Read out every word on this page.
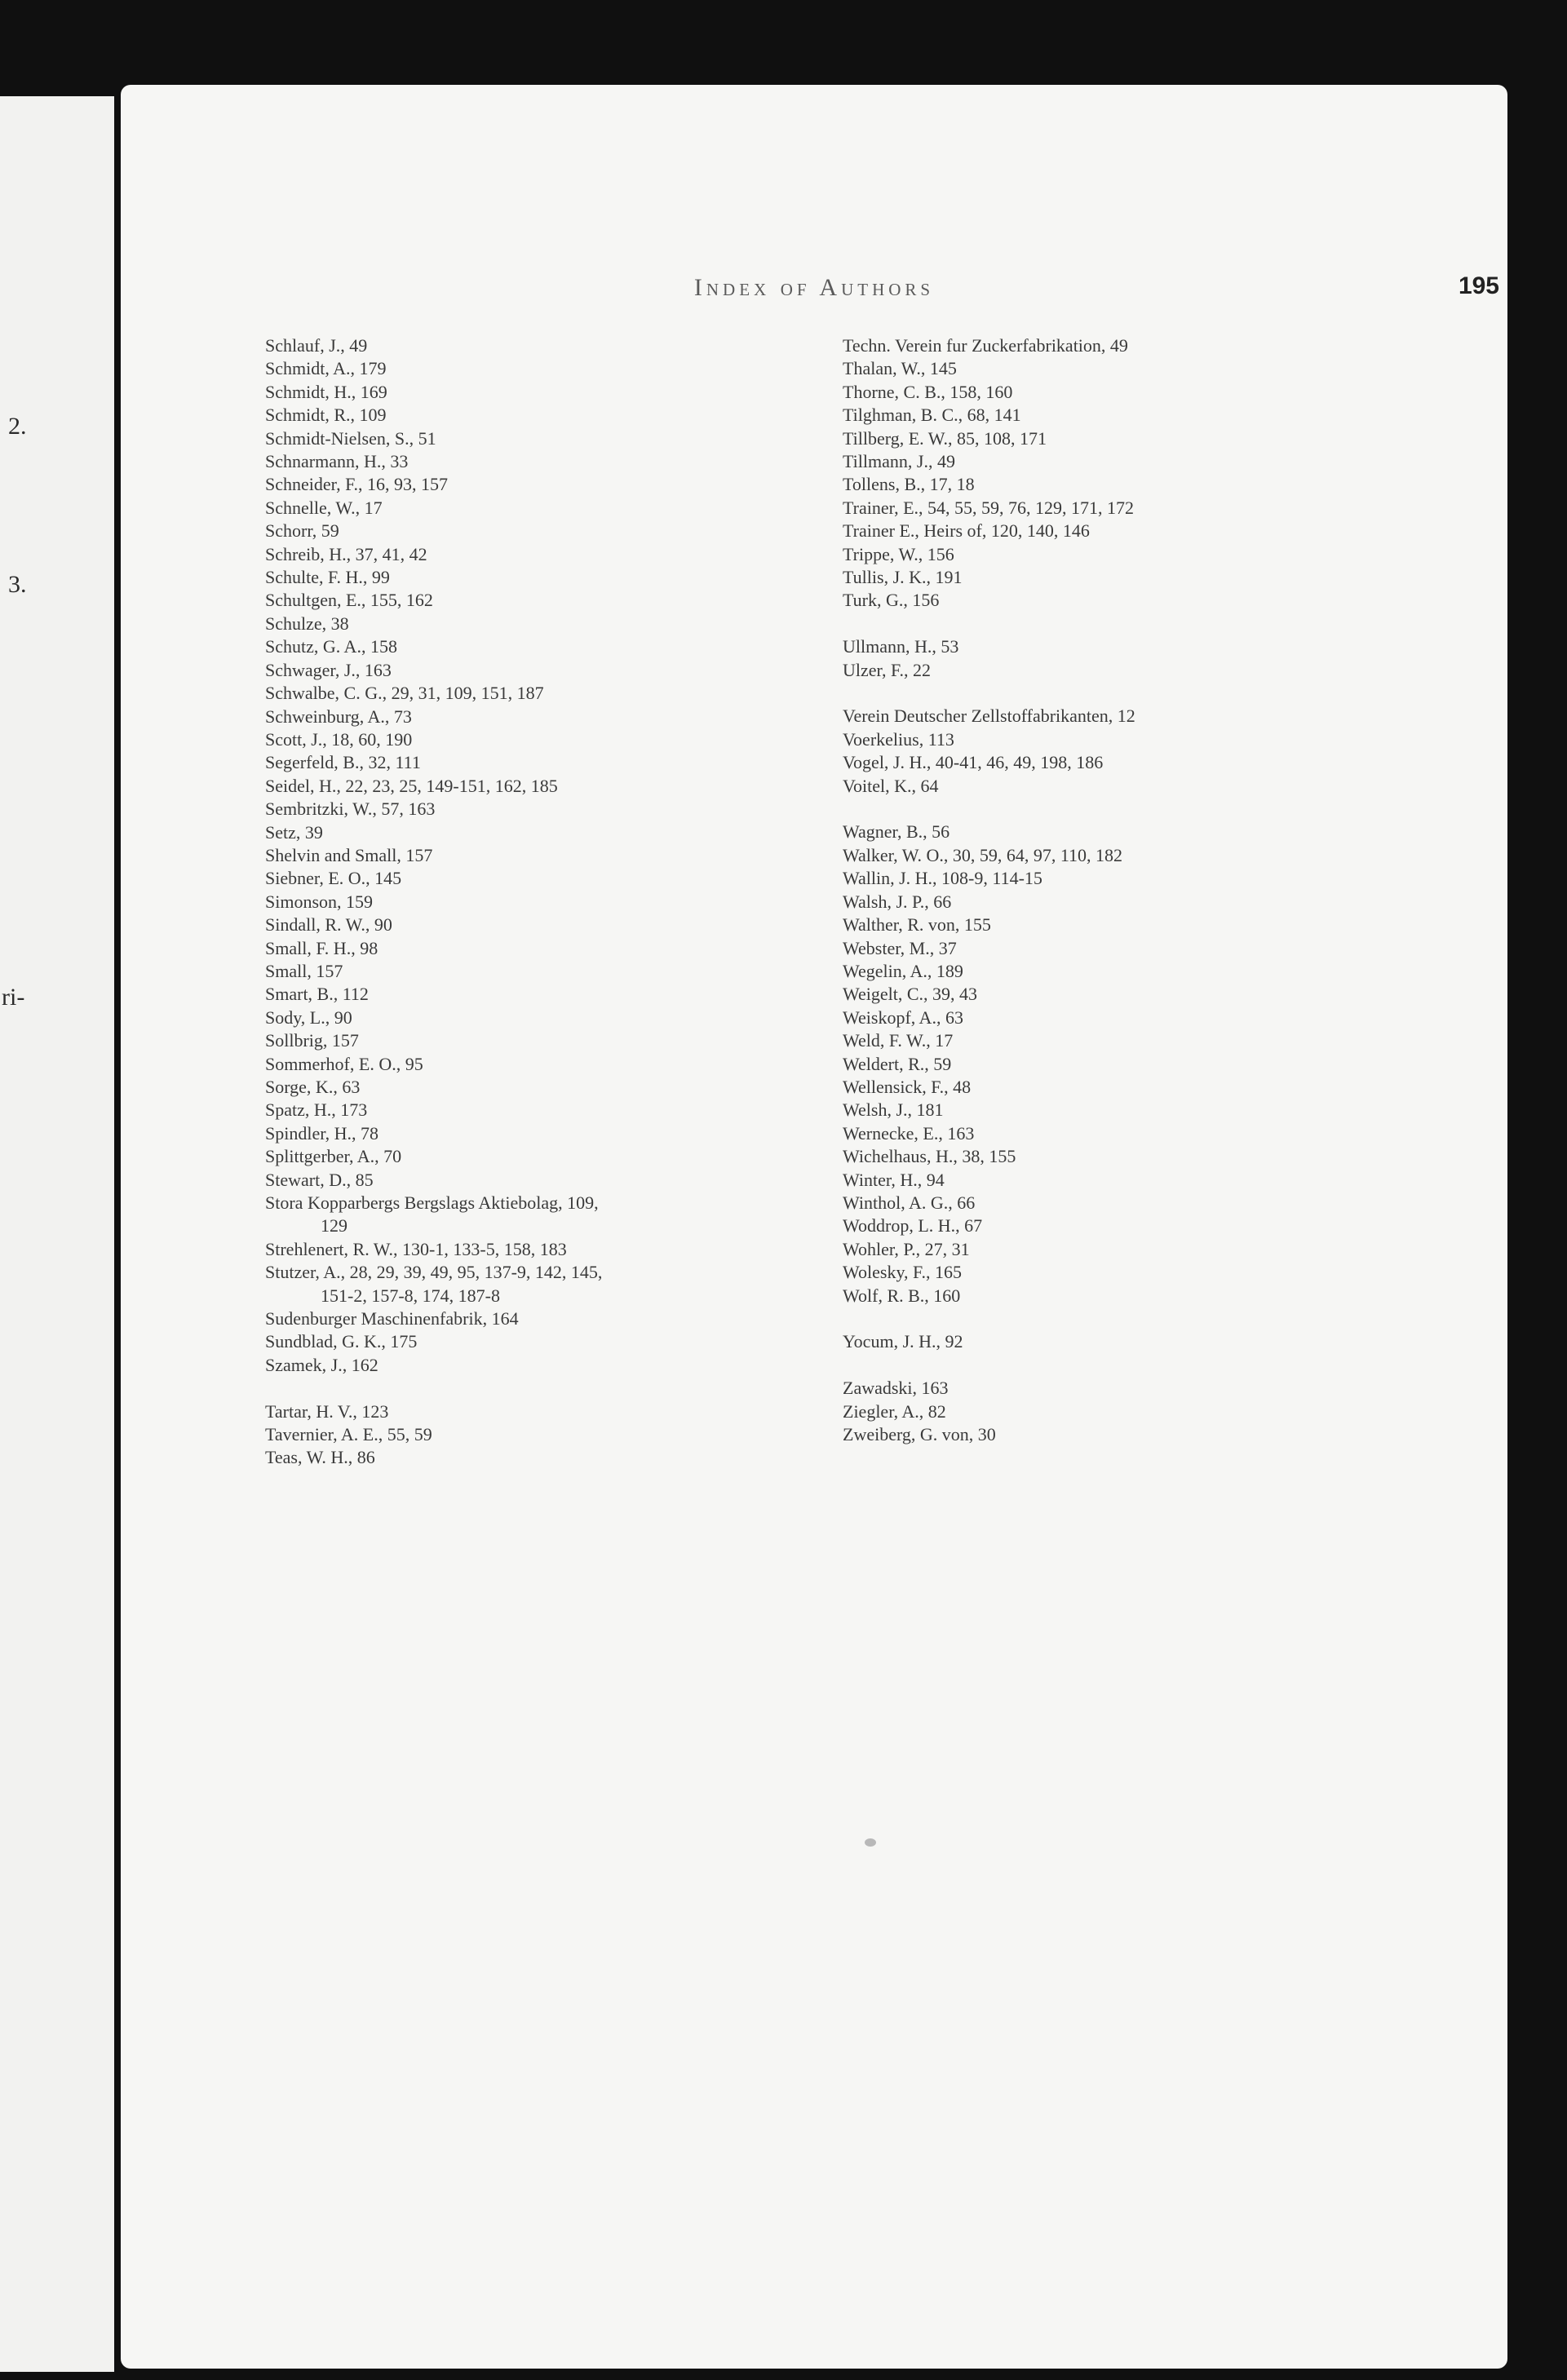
2.
3.
ri-
Index of Authors	195
Schlauf, J., 49
Schmidt, A., 179
Schmidt, H., 169
Schmidt, R., 109
Schmidt-Nielsen, S., 51
Schnarmann, H., 33
Schneider, F., 16, 93, 157
Schnelle, W., 17
Schorr, 59
Schreib, H., 37, 41, 42
Schulte, F. H., 99
Schultgen, E., 155, 162
Schulze, 38
Schutz, G. A., 158
Schwager, J., 163
Schwalbe, C. G., 29, 31, 109, 151, 187
Schweinburg, A., 73
Scott, J., 18, 60, 190
Segerfeld, B., 32, 111
Seidel, H., 22, 23, 25, 149-151, 162, 185
Sembritzki, W., 57, 163
Setz, 39
Shelvin and Small, 157
Siebner, E. O., 145
Simonson, 159
Sindall, R. W., 90
Small, F. H., 98
Small, 157
Smart, B., 112
Sody, L., 90
Sollbrig, 157
Sommerhof, E. O., 95
Sorge, K., 63
Spatz, H., 173
Spindler, H., 78
Splittgerber, A., 70
Stewart, D., 85
Stora Kopparbergs Bergslags Aktiebolag, 109,
129
Strehlenert, R. W., 130-1, 133-5, 158, 183
Stutzer, A., 28, 29, 39, 49, 95, 137-9, 142, 145,
151-2, 157-8, 174, 187-8
Sudenburger Maschinenfabrik, 164
Sundblad, G. K., 175
Szamek, J., 162
Tartar, H. V., 123
Tavernier, A. E., 55, 59
Teas, W. H., 86
Techn. Verein fur Zuckerfabrikation, 49
Thalan, W., 145
Thorne, C. B., 158, 160
Tilghman, B. C., 68, 141
Tillberg, E. W., 85, 108, 171
Tillmann, J., 49
Tollens, B., 17, 18
Trainer, E., 54, 55, 59, 76, 129, 171, 172
Trainer E., Heirs of, 120, 140, 146
Trippe, W., 156
Tullis, J. K., 191
Turk, G., 156
Ullmann, H., 53
Ulzer, F., 22
Verein Deutscher Zellstoffabrikanten, 12
Voerkelius, 113
Vogel, J. H., 40-41, 46, 49, 198, 186
Voitel, K., 64
Wagner, B., 56
Walker, W. O., 30, 59, 64, 97, 110, 182
Wallin, J. H., 108-9, 114-15
Walsh, J. P., 66
Walther, R. von, 155
Webster, M., 37
Wegelin, A., 189
Weigelt, C., 39, 43
Weiskopf, A., 63
Weld, F. W., 17
Weldert, R., 59
Wellensick, F., 48
Welsh, J., 181
Wernecke, E., 163
Wichelhaus, H., 38, 155
Winter, H., 94
Winthol, A. G., 66
Woddrop, L. H., 67
Wohler, P., 27, 31
Wolesky, F., 165
Wolf, R. B., 160
Yocum, J. H., 92
Zawadski, 163
Ziegler, A., 82
Zweiberg, G. von, 30
